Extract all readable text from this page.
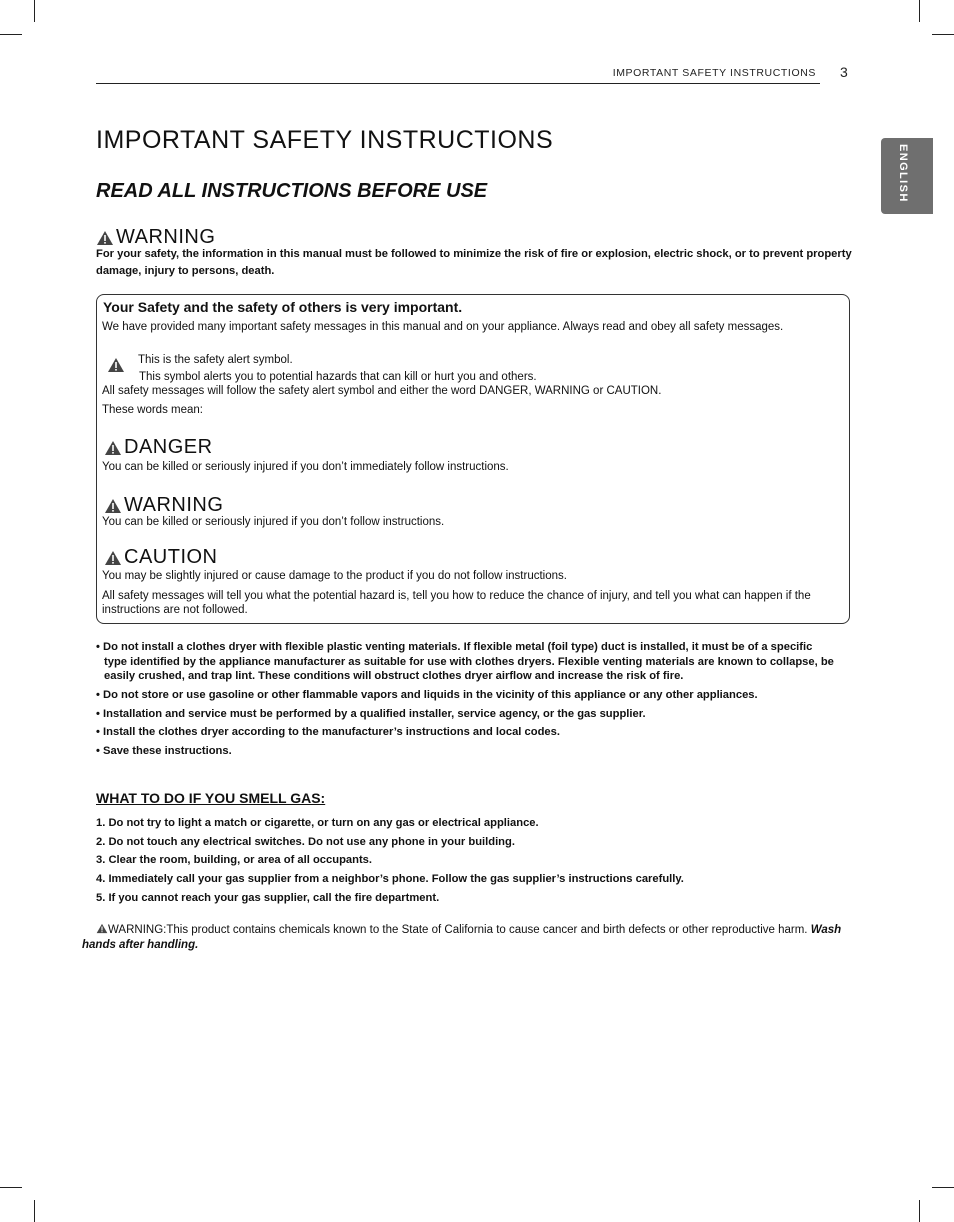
IMPORTANT SAFETY INSTRUCTIONS 3
ENGLISH
IMPORTANT SAFETY INSTRUCTIONS
READ ALL INSTRUCTIONS BEFORE USE
WARNING
For your safety, the information in this manual must be followed to minimize the risk of fire or explosion, electric shock, or to prevent property damage, injury to persons, death.
Your Safety and the safety of others is very important.
We have provided many important safety messages in this manual and on your appliance. Always read and obey all safety messages.
This is the safety alert symbol.
This symbol alerts you to potential hazards that can kill or hurt you and others.
All safety messages will follow the safety alert symbol and either the word DANGER, WARNING or CAUTION.
These words mean:
DANGER
You can be killed or seriously injured if you don’t immediately follow instructions.
WARNING
You can be killed or seriously injured if you don’t follow instructions.
CAUTION
You may be slightly injured or cause damage to the product if you do not follow instructions.
All safety messages will tell you what the potential hazard is, tell you how to reduce the chance of injury, and tell you what can happen if the instructions are not followed.
• Do not install a clothes dryer with flexible plastic venting materials. If flexible metal (foil type) duct is installed, it must be of a specific type identified by the appliance manufacturer as suitable for use with clothes dryers. Flexible venting materials are known to collapse, be easily crushed, and trap lint. These conditions will obstruct clothes dryer airflow and increase the risk of fire.
• Do not store or use gasoline or other flammable vapors and liquids in the vicinity of this appliance or any other appliances.
• Installation and service must be performed by a qualified installer, service agency, or the gas supplier.
• Install the clothes dryer according to the manufacturer’s instructions and local codes.
• Save these instructions.
WHAT TO DO IF YOU SMELL GAS:
1. Do not try to light a match or cigarette, or turn on any gas or electrical appliance.
2. Do not touch any electrical switches. Do not use any phone in your building.
3. Clear the room, building, or area of all occupants.
4. Immediately call your gas supplier from a neighbor’s phone. Follow the gas supplier’s instructions carefully.
5. If you cannot reach your gas supplier, call the fire department.
WARNING:This product contains chemicals known to the State of California to cause cancer and birth defects or other reproductive harm. Wash hands after handling.
